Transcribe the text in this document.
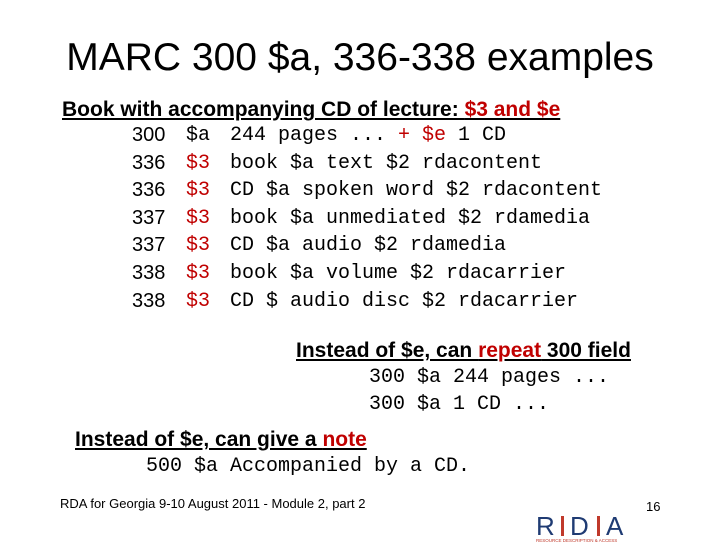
MARC 300 $a, 336-338 examples
Book with accompanying CD of lecture: $3 and $e
300	$a 244 pages ... + $e 1 CD
336	$3 book $a text $2 rdacontent
336	$3 CD $a spoken word $2 rdacontent
337	$3 book $a unmediated $2 rdamedia
337	$3 CD $a audio $2 rdamedia
338	$3 book $a volume $2 rdacarrier
338	$3 CD $ audio disc $2 rdacarrier
Instead of $e, can repeat 300 field
300 $a 244 pages ...
300 $a 1 CD ...
Instead of $e, can give a note
500 $a Accompanied by a CD.
RDA for Georgia 9-10 August 2011 - Module 2, part 2

R D A
RESOURCE DESCRIPTION & ACCESS

16
